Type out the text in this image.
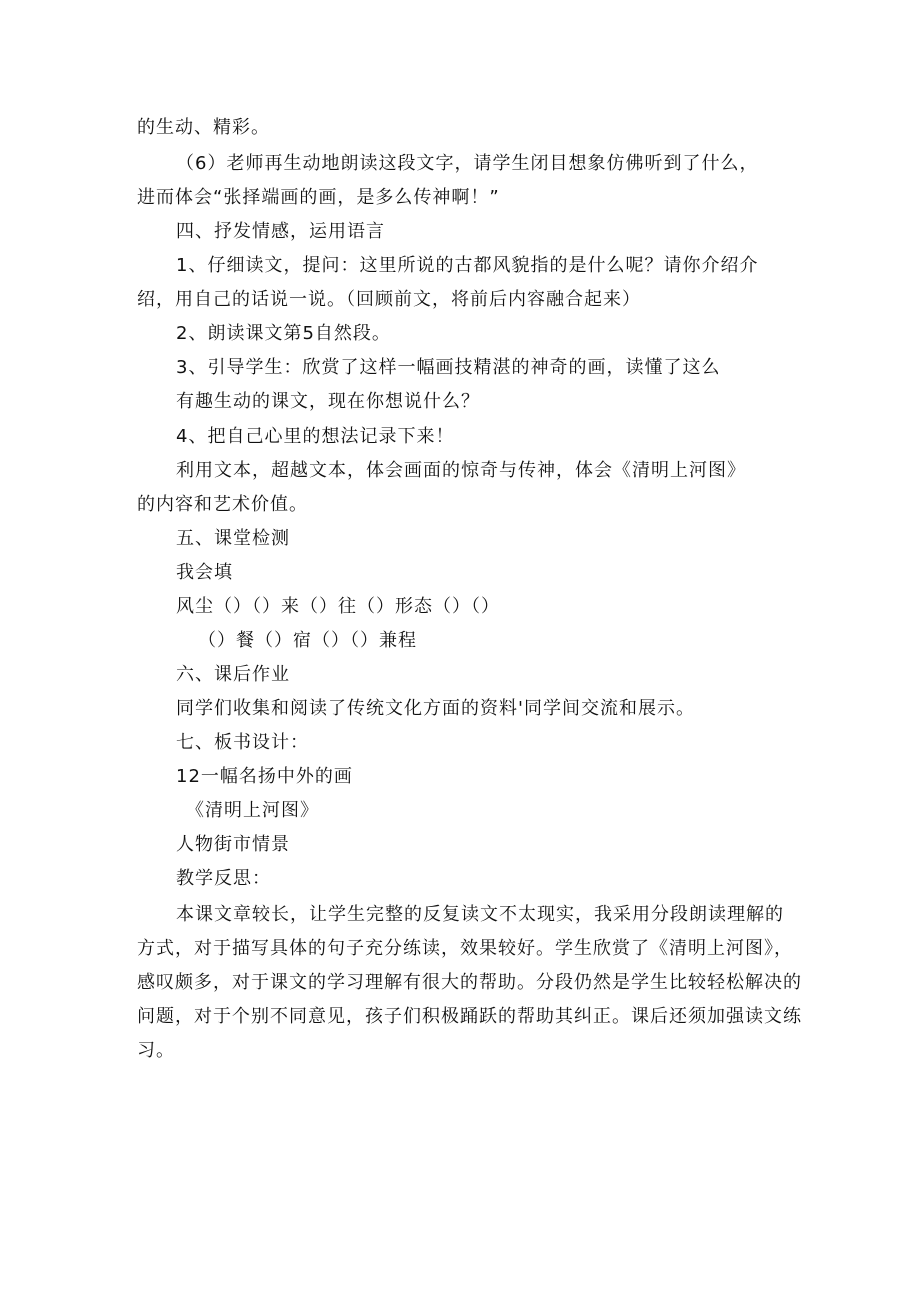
的生动、精彩。
（6）老师再生动地朗读这段文字，请学生闭目想象仿佛听到了什么，
进而体会“张择端画的画，是多么传神啊！”
四、抒发情感，运用语言
1、仔细读文，提问：这里所说的古都风貌指的是什么呢？请你介绍介
绍，用自己的话说一说。（回顾前文，将前后内容融合起来）
2、朗读课文第5自然段。
3、引导学生：欣赏了这样一幅画技精湛的神奇的画，读懂了这么
有趣生动的课文，现在你想说什么？
4、把自己心里的想法记录下来！
利用文本，超越文本，体会画面的惊奇与传神，体会《清明上河图》
的内容和艺术价值。
五、课堂检测
我会填
风尘（）（）来（）往（）形态（）（）
（）餐（）宿（）（）兼程
六、课后作业
同学们收集和阅读了传统文化方面的资料'同学间交流和展示。
七、板书设计：
12一幅名扬中外的画
《清明上河图》
人物街市情景
教学反思：
本课文章较长，让学生完整的反复读文不太现实，我采用分段朗读理解的方式，对于描写具体的句子充分练读，效果较好。学生欣赏了《清明上河图》，感叹颇多，对于课文的学习理解有很大的帮助。分段仍然是学生比较轻松解决的问题，对于个别不同意见，孩子们积极踊跃的帮助其纠正。课后还须加强读文练习。
